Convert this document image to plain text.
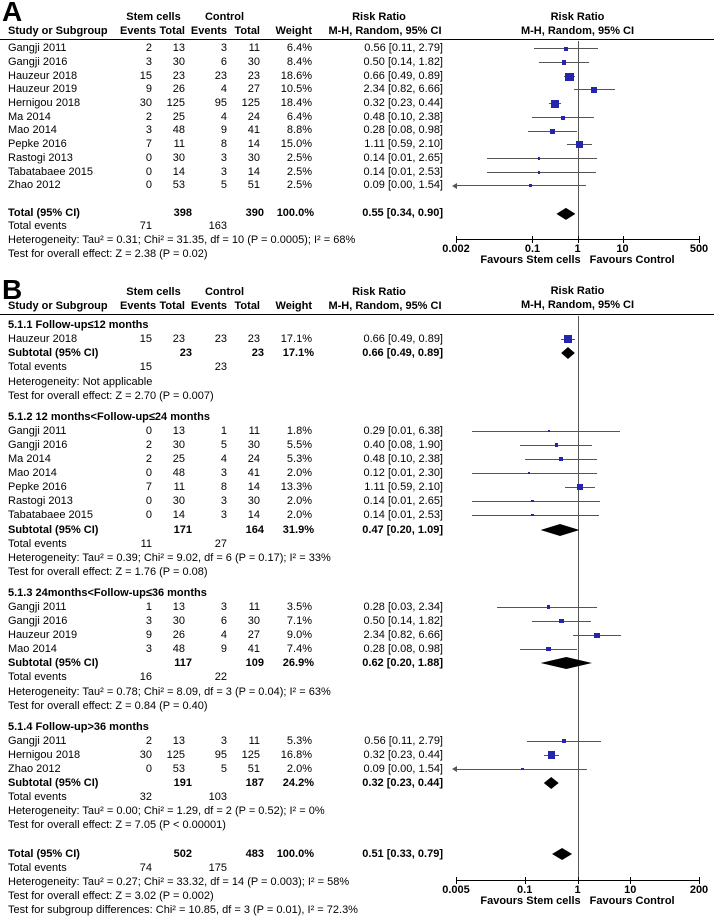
A	Stem cells	Control	Risk Ratio
Study or Subgroup	Events Total Events Total	Weight	M-H, Random, 95% CI
Gangji 2011	2	13	3	11	6.4%	0.56 [0.11, 2.79]
Gangji 2016	3	30	6	30	8.4%	0.50 [0.14, 1.82]
Hauzeur 2018	15	23	23	23	18.6%	0.66 [0.49, 0.89]
Hauzeur 2019	9	26	4	27	10.5%	2.34 [0.82, 6.66]
Hernigou 2018	30	125	95	125	18.4%	0.32 [0.23, 0.44]
Ma 2014	2	25	4	24	6.4%	0.48 [0.10, 2.38]
Mao 2014	3	48	9	41	8.8%	0.28 [0.08, 0.98]
Pepke 2016	7	11	8	14	15.0%	1.11 [0.59, 2.10]
Rastogi 2013	0	30	3	30	2.5%	0.14 [0.01, 2.65]
Tabatabaee 2015	0	14	3	14	2.5%	0.14 [0.01, 2.53]
Zhao 2012	0	53	5	51	2.5%	0.09 [0.00, 1.54]
Total (95% CI)	398	390	100.0%	0.55 [0.34, 0.90]
Total events	71	163
Heterogeneity: Tau² = 0.31; Chi² = 31.35, df = 10 (P = 0.0005); I² = 68%
Test for overall effect: Z = 2.38 (P = 0.02)
Risk Ratio
M-H, Random, 95% CI
0.002	0.1	1	10	500
Favours Stem cells Favours Control
B	Stem cells	Control	Risk Ratio
Study or Subgroup	Events Total Events Total	Weight	M-H, Random, 95% CI
5.1.1 Follow-up≤12 months
Hauzeur 2018	15	23	23	23	17.1%	0.66 [0.49, 0.89]
Subtotal (95% CI)	23	23	17.1%	0.66 [0.49, 0.89]
Total events	15	23
Heterogeneity: Not applicable
Test for overall effect: Z = 2.70 (P = 0.007)
5.1.2 12 months<Follow-up≤24 months
Gangji 2011	0	13	1	11	1.8%	0.29 [0.01, 6.38]
Gangji 2016	2	30	5	30	5.5%	0.40 [0.08, 1.90]
Ma 2014	2	25	4	24	5.3%	0.48 [0.10, 2.38]
Mao 2014	0	48	3	41	2.0%	0.12 [0.01, 2.30]
Pepke 2016	7	11	8	14	13.3%	1.11 [0.59, 2.10]
Rastogi 2013	0	30	3	30	2.0%	0.14 [0.01, 2.65]
Tabatabaee 2015	0	14	3	14	2.0%	0.14 [0.01, 2.53]
Subtotal (95% CI)	171	164	31.9%	0.47 [0.20, 1.09]
Total events	11	27
Heterogeneity: Tau² = 0.39; Chi² = 9.02, df = 6 (P = 0.17); I² = 33%
Test for overall effect: Z = 1.76 (P = 0.08)
5.1.3 24months<Follow-up≤36 months
Gangji 2011	1	13	3	11	3.5%	0.28 [0.03, 2.34]
Gangji 2016	3	30	6	30	7.1%	0.50 [0.14, 1.82]
Hauzeur 2019	9	26	4	27	9.0%	2.34 [0.82, 6.66]
Mao 2014	3	48	9	41	7.4%	0.28 [0.08, 0.98]
Subtotal (95% CI)	117	109	26.9%	0.62 [0.20, 1.88]
Total events	16	22
Heterogeneity: Tau² = 0.78; Chi² = 8.09, df = 3 (P = 0.04); I² = 63%
Test for overall effect: Z = 0.84 (P = 0.40)
5.1.4 Follow-up>36 months
Gangji 2011	2	13	3	11	5.3%	0.56 [0.11, 2.79]
Hernigou 2018	30	125	95	125	16.8%	0.32 [0.23, 0.44]
Zhao 2012	0	53	5	51	2.0%	0.09 [0.00, 1.54]
Subtotal (95% CI)	191	187	24.2%	0.32 [0.23, 0.44]
Total events	32	103
Heterogeneity: Tau² = 0.00; Chi² = 1.29, df = 2 (P = 0.52); I² = 0%
Test for overall effect: Z = 7.05 (P < 0.00001)
Total (95% CI)	502	483	100.0%	0.51 [0.33, 0.79]
Total events	74	175
Heterogeneity: Tau² = 0.27; Chi² = 33.32, df = 14 (P = 0.003); I² = 58%
Test for overall effect: Z = 3.02 (P = 0.002)
Test for subgroup differences: Chi² = 10.85, df = 3 (P = 0.01), I² = 72.3%
Risk Ratio
M-H, Random, 95% CI
0.005	0.1	1	10	200
Favours Stem cells Favours Control
